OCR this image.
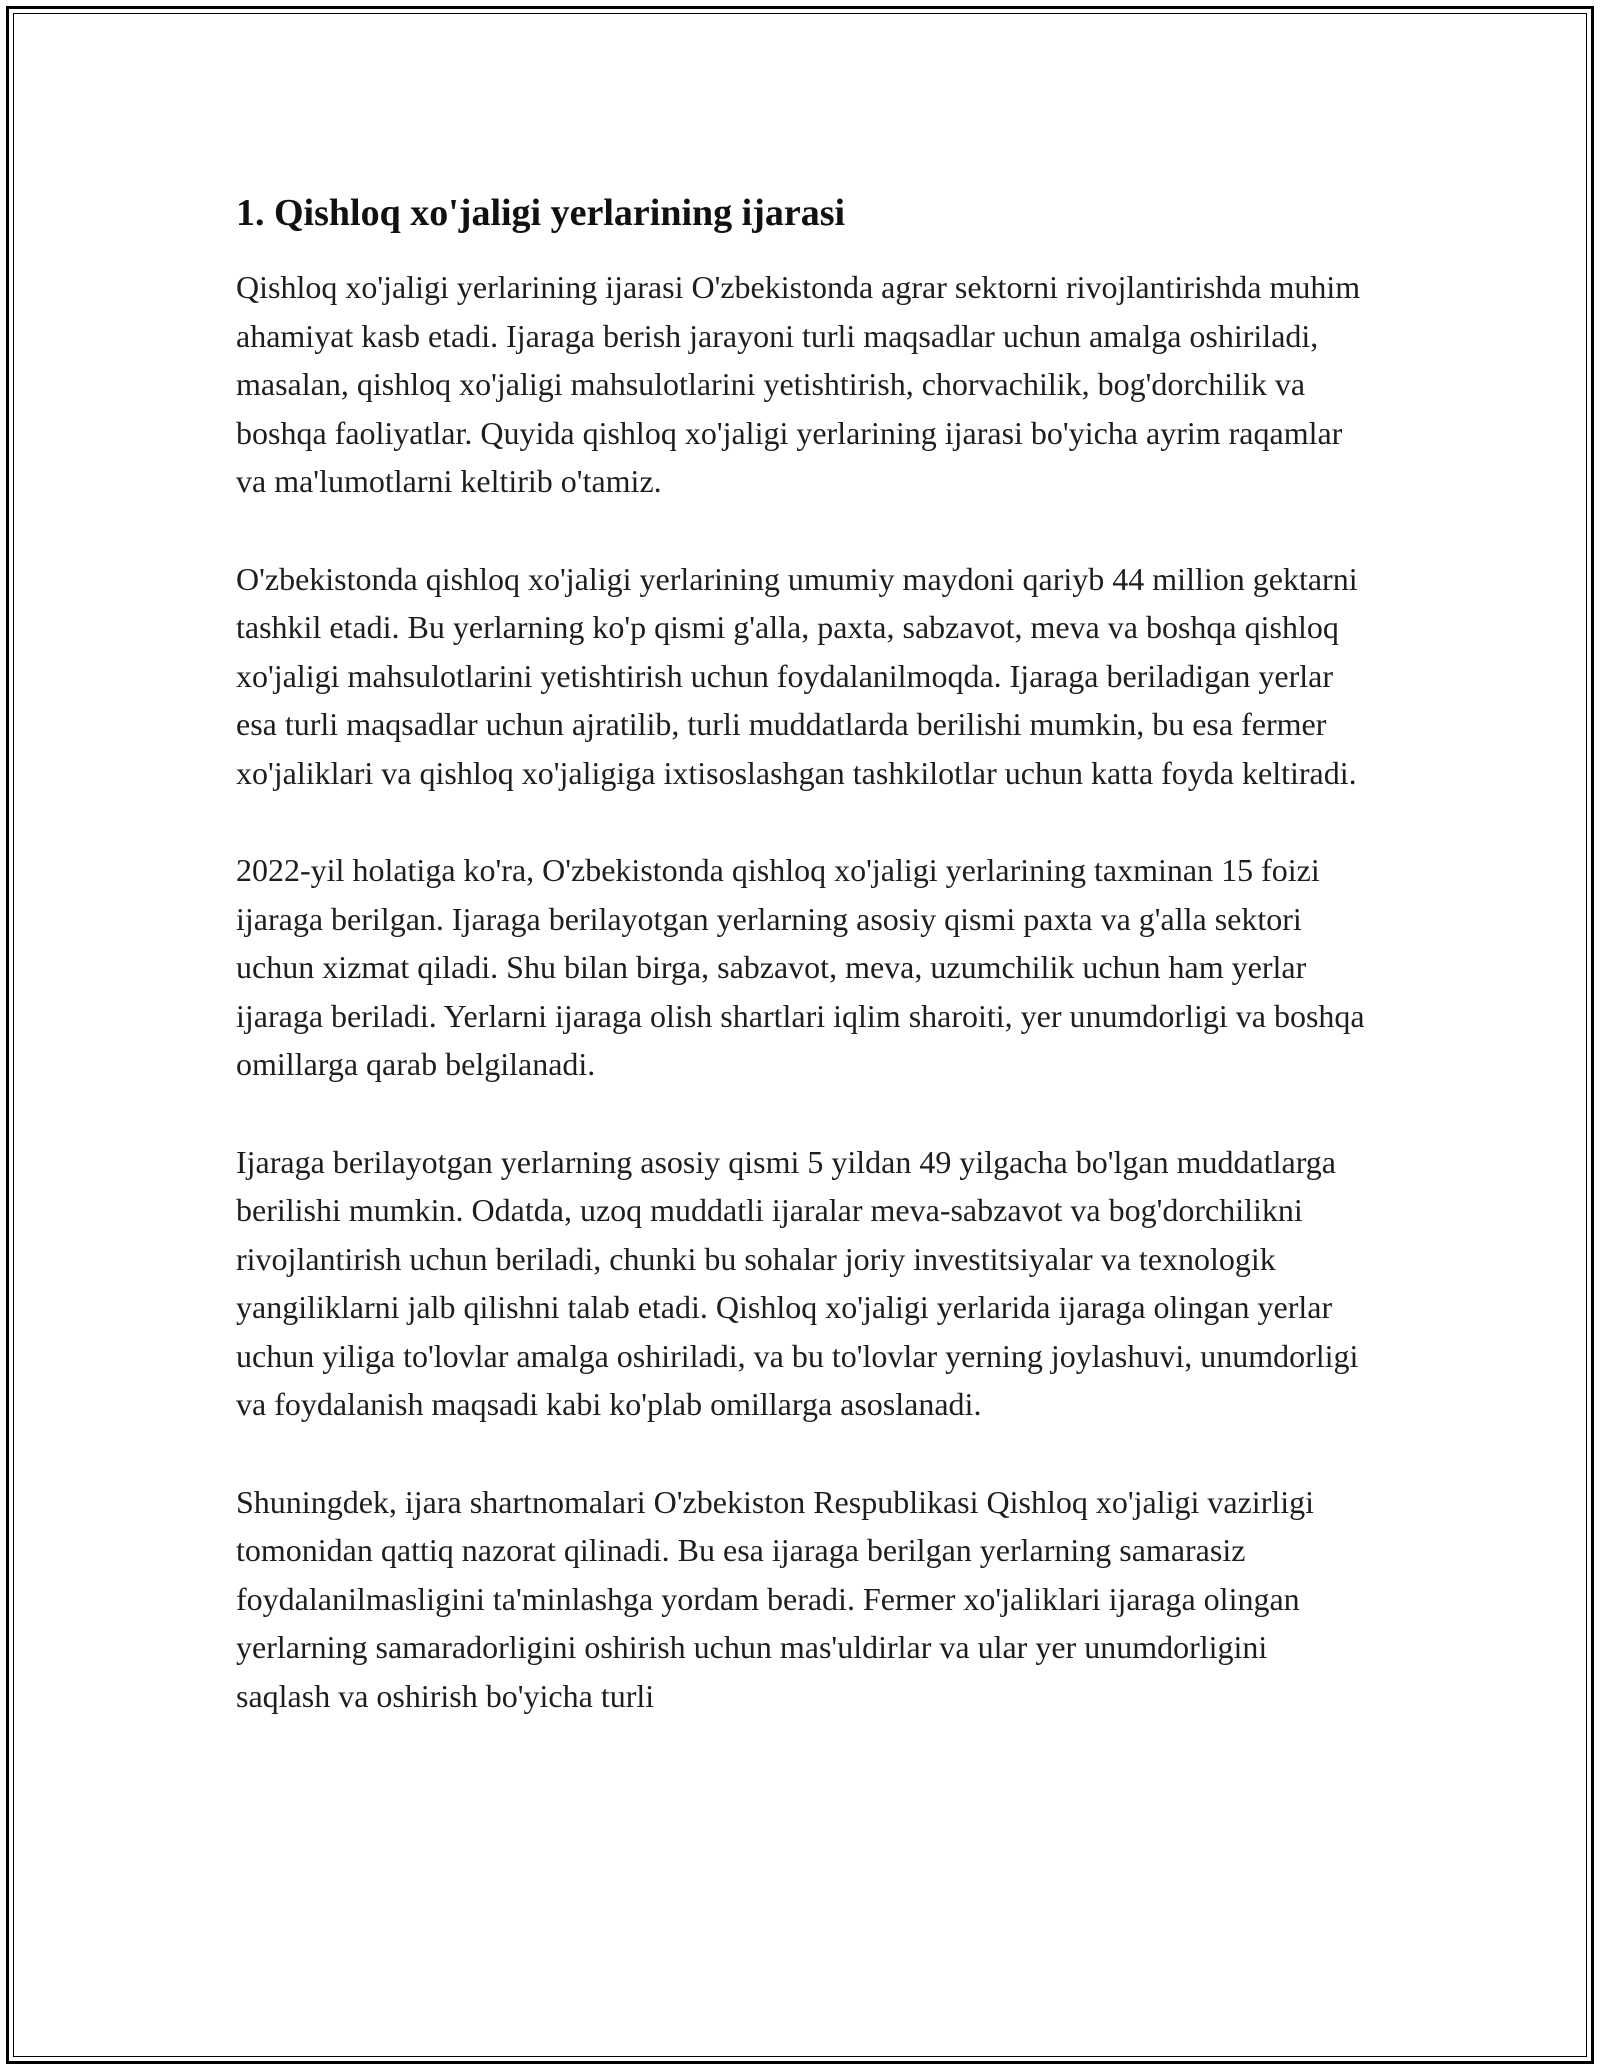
1. Qishloq xo'jaligi yerlarining ijarasi

Qishloq xo'jaligi yerlarining ijarasi O'zbekistonda agrar sektorni rivojlantirishda muhim ahamiyat kasb etadi. Ijaraga berish jarayoni turli maqsadlar uchun amalga oshiriladi, masalan, qishloq xo'jaligi mahsulotlarini yetishtirish, chorvachilik, bog'dorchilik va boshqa faoliyatlar. Quyida qishloq xo'jaligi yerlarining ijarasi bo'yicha ayrim raqamlar va ma'lumotlarni keltirib o'tamiz.

O'zbekistonda qishloq xo'jaligi yerlarining umumiy maydoni qariyb 44 million gektarni tashkil etadi. Bu yerlarning ko'p qismi g'alla, paxta, sabzavot, meva va boshqa qishloq xo'jaligi mahsulotlarini yetishtirish uchun foydalanilmoqda. Ijaraga beriladigan yerlar esa turli maqsadlar uchun ajratilib, turli muddatlarda berilishi mumkin, bu esa fermer xo'jaliklari va qishloq xo'jaligiga ixtisoslashgan tashkilotlar uchun katta foyda keltiradi.

2022-yil holatiga ko'ra, O'zbekistonda qishloq xo'jaligi yerlarining taxminan 15 foizi ijaraga berilgan. Ijaraga berilayotgan yerlarning asosiy qismi paxta va g'alla sektori uchun xizmat qiladi. Shu bilan birga, sabzavot, meva, uzumchilik uchun ham yerlar ijaraga beriladi. Yerlarni ijaraga olish shartlari iqlim sharoiti, yer unumdorligi va boshqa omillarga qarab belgilanadi.

Ijaraga berilayotgan yerlarning asosiy qismi 5 yildan 49 yilgacha bo'lgan muddatlarga berilishi mumkin. Odatda, uzoq muddatli ijaralar meva-sabzavot va bog'dorchilikni rivojlantirish uchun beriladi, chunki bu sohalar joriy investitsiyalar va texnologik yangiliklarni jalb qilishni talab etadi. Qishloq xo'jaligi yerlarida ijaraga olingan yerlar uchun yiliga to'lovlar amalga oshiriladi, va bu to'lovlar yerning joylashuvi, unumdorligi va foydalanish maqsadi kabi ko'plab omillarga asoslanadi.

Shuningdek, ijara shartnomalari O'zbekiston Respublikasi Qishloq xo'jaligi vazirligi tomonidan qattiq nazorat qilinadi. Bu esa ijaraga berilgan yerlarning samarasiz foydalanilmasligini ta'minlashga yordam beradi. Fermer xo'jaliklari ijaraga olingan yerlarning samaradorligini oshirish uchun mas'uldirlar va ular yer unumdorligini saqlash va oshirish bo'yicha turli
